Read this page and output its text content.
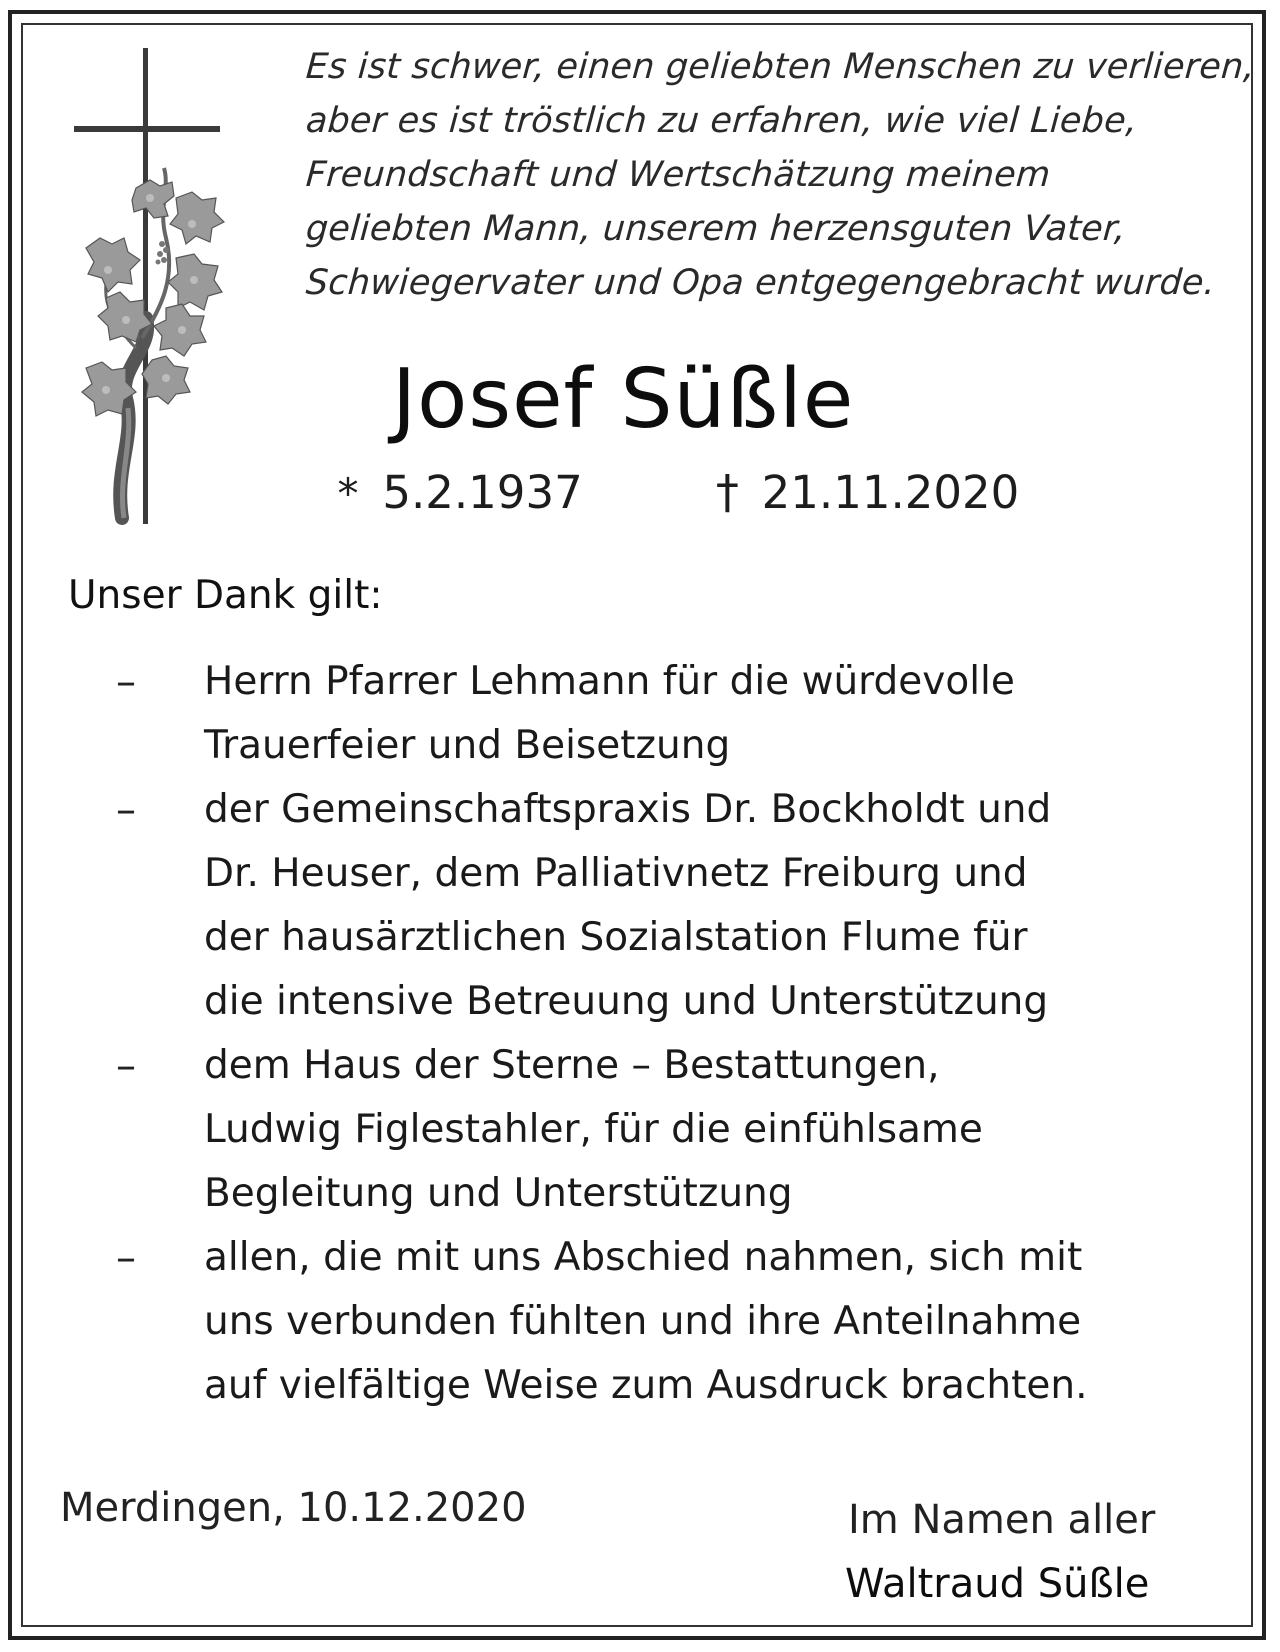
Es ist schwer, einen geliebten Menschen zu verlieren,
aber es ist tröstlich zu erfahren, wie viel Liebe,
Freundschaft und Wertschätzung meinem
geliebten Mann, unserem herzensguten Vater,
Schwiegervater und Opa entgegengebracht wurde.
Josef Süßle
* 5.2.1937	† 21.11.2020
Unser Dank gilt:
–	Herrn Pfarrer Lehmann für die würdevolle
Trauerfeier und Beisetzung
–	der Gemeinschaftspraxis Dr. Bockholdt und
Dr. Heuser, dem Palliativnetz Freiburg und
der hausärztlichen Sozialstation Flume für
die intensive Betreuung und Unterstützung
–	dem Haus der Sterne – Bestattungen,
Ludwig Figlestahler, für die einfühlsame
Begleitung und Unterstützung
–	allen, die mit uns Abschied nahmen, sich mit
uns verbunden fühlten und ihre Anteilnahme
auf vielfältige Weise zum Ausdruck brachten.

Merdingen, 10.12.2020	Im Namen aller

Waltraud Süßle
